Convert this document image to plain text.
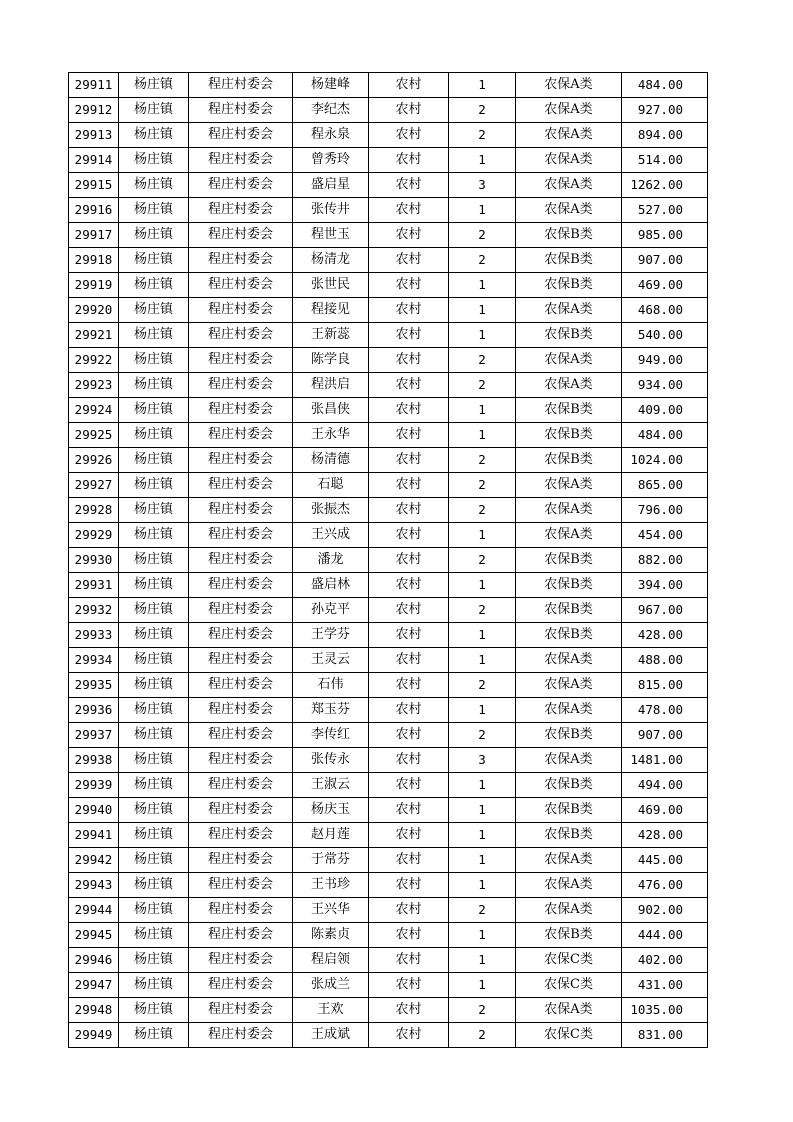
29911	杨庄镇	程庄村委会	杨建峰	农村	1	农保A类	484.00
29912	杨庄镇	程庄村委会	李纪杰	农村	2	农保A类	927.00
29913	杨庄镇	程庄村委会	程永泉	农村	2	农保A类	894.00
29914	杨庄镇	程庄村委会	曾秀玲	农村	1	农保A类	514.00
29915	杨庄镇	程庄村委会	盛启星	农村	3	农保A类	1262.00
29916	杨庄镇	程庄村委会	张传井	农村	1	农保A类	527.00
29917	杨庄镇	程庄村委会	程世玉	农村	2	农保B类	985.00
29918	杨庄镇	程庄村委会	杨清龙	农村	2	农保B类	907.00
29919	杨庄镇	程庄村委会	张世民	农村	1	农保B类	469.00
29920	杨庄镇	程庄村委会	程接见	农村	1	农保A类	468.00
29921	杨庄镇	程庄村委会	王新蕊	农村	1	农保B类	540.00
29922	杨庄镇	程庄村委会	陈学良	农村	2	农保A类	949.00
29923	杨庄镇	程庄村委会	程洪启	农村	2	农保A类	934.00
29924	杨庄镇	程庄村委会	张昌侠	农村	1	农保B类	409.00
29925	杨庄镇	程庄村委会	王永华	农村	1	农保B类	484.00
29926	杨庄镇	程庄村委会	杨清德	农村	2	农保B类	1024.00
29927	杨庄镇	程庄村委会	石聪	农村	2	农保A类	865.00
29928	杨庄镇	程庄村委会	张振杰	农村	2	农保A类	796.00
29929	杨庄镇	程庄村委会	王兴成	农村	1	农保A类	454.00
29930	杨庄镇	程庄村委会	潘龙	农村	2	农保B类	882.00
29931	杨庄镇	程庄村委会	盛启林	农村	1	农保B类	394.00
29932	杨庄镇	程庄村委会	孙克平	农村	2	农保B类	967.00
29933	杨庄镇	程庄村委会	王学芬	农村	1	农保B类	428.00
29934	杨庄镇	程庄村委会	王灵云	农村	1	农保A类	488.00
29935	杨庄镇	程庄村委会	石伟	农村	2	农保A类	815.00
29936	杨庄镇	程庄村委会	郑玉芬	农村	1	农保A类	478.00
29937	杨庄镇	程庄村委会	李传红	农村	2	农保B类	907.00
29938	杨庄镇	程庄村委会	张传永	农村	3	农保A类	1481.00
29939	杨庄镇	程庄村委会	王淑云	农村	1	农保B类	494.00
29940	杨庄镇	程庄村委会	杨庆玉	农村	1	农保B类	469.00
29941	杨庄镇	程庄村委会	赵月莲	农村	1	农保B类	428.00
29942	杨庄镇	程庄村委会	于常芬	农村	1	农保A类	445.00
29943	杨庄镇	程庄村委会	王书珍	农村	1	农保A类	476.00
29944	杨庄镇	程庄村委会	王兴华	农村	2	农保A类	902.00
29945	杨庄镇	程庄村委会	陈素贞	农村	1	农保B类	444.00
29946	杨庄镇	程庄村委会	程启领	农村	1	农保C类	402.00
29947	杨庄镇	程庄村委会	张成兰	农村	1	农保C类	431.00
29948	杨庄镇	程庄村委会	王欢	农村	2	农保A类	1035.00
29949	杨庄镇	程庄村委会	王成斌	农村	2	农保C类	831.00
